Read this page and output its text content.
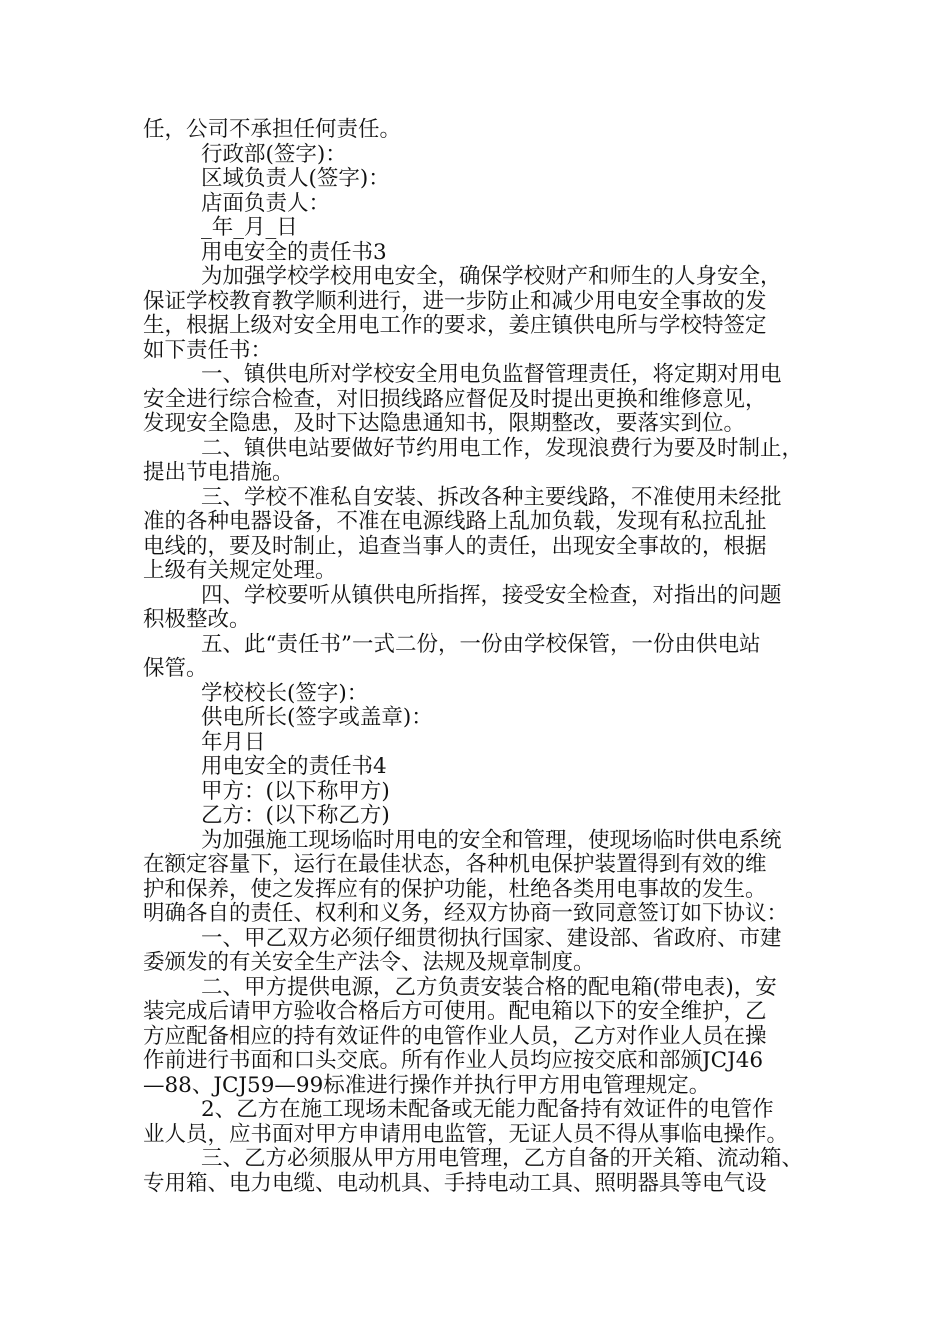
任，公司不承担任何责任。
行政部(签字)：
区域负责人(签字)：
店面负责人：
_年_月_日
用电安全的责任书3
为加强学校学校用电安全，确保学校财产和师生的人身安全，
保证学校教育教学顺利进行，进一步防止和减少用电安全事故的发
生，根据上级对安全用电工作的要求，姜庄镇供电所与学校特签定
如下责任书：
一、镇供电所对学校安全用电负监督管理责任，将定期对用电
安全进行综合检查，对旧损线路应督促及时提出更换和维修意见，
发现安全隐患，及时下达隐患通知书，限期整改，要落实到位。
二、镇供电站要做好节约用电工作，发现浪费行为要及时制止，
提出节电措施。
三、学校不准私自安装、拆改各种主要线路，不准使用未经批
准的各种电器设备，不准在电源线路上乱加负载，发现有私拉乱扯
电线的，要及时制止，追查当事人的责任，出现安全事故的，根据
上级有关规定处理。
四、学校要听从镇供电所指挥，接受安全检查，对指出的问题
积极整改。
五、此“责任书”一式二份，一份由学校保管，一份由供电站
保管。
学校校长(签字)：
供电所长(签字或盖章)：
年月日
用电安全的责任书4
甲方：(以下称甲方)
乙方：(以下称乙方)
为加强施工现场临时用电的安全和管理，使现场临时供电系统
在额定容量下，运行在最佳状态，各种机电保护装置得到有效的维
护和保养，使之发挥应有的保护功能，杜绝各类用电事故的发生。
明确各自的责任、权利和义务，经双方协商一致同意签订如下协议：
一、甲乙双方必须仔细贯彻执行国家、建设部、省政府、市建
委颁发的有关安全生产法令、法规及规章制度。
二、甲方提供电源，乙方负责安装合格的配电箱(带电表)，安
装完成后请甲方验收合格后方可使用。配电箱以下的安全维护，乙
方应配备相应的持有效证件的电管作业人员，乙方对作业人员在操
作前进行书面和口头交底。所有作业人员均应按交底和部颁JCJ46
—88、JCJ59—99标准进行操作并执行甲方用电管理规定。
2、乙方在施工现场未配备或无能力配备持有效证件的电管作
业人员，应书面对甲方申请用电监管，无证人员不得从事临电操作。
三、乙方必须服从甲方用电管理，乙方自备的开关箱、流动箱、
专用箱、电力电缆、电动机具、手持电动工具、照明器具等电气设
